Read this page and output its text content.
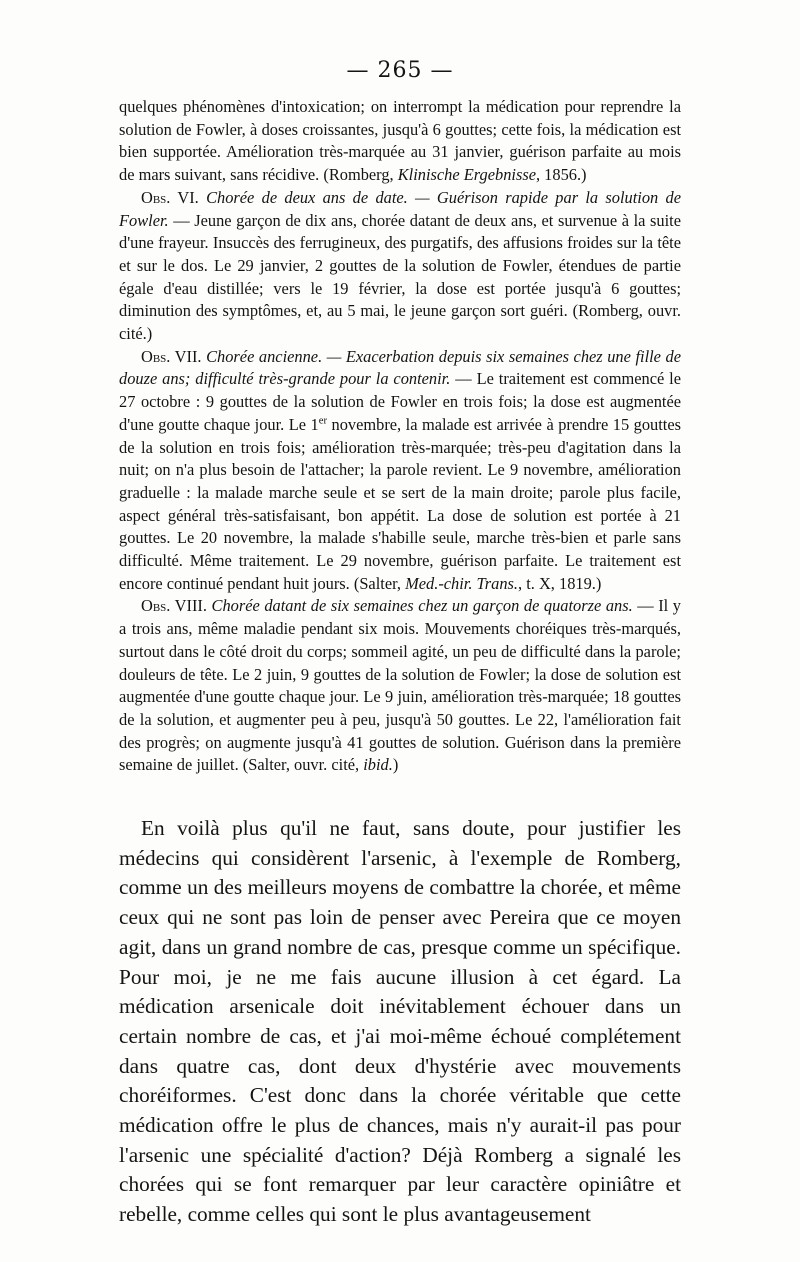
— 265 —

quelques phénomènes d'intoxication; on interrompt la médication pour reprendre la solution de Fowler, à doses croissantes, jusqu'à 6 gouttes; cette fois, la médication est bien supportée. Amélioration très-marquée au 31 janvier, guérison parfaite au mois de mars suivant, sans récidive. (Romberg, Klinische Ergebnisse, 1856.)

Obs. VI. Chorée de deux ans de date. — Guérison rapide par la solution de Fowler. — Jeune garçon de dix ans, chorée datant de deux ans, et survenue à la suite d'une frayeur. Insuccès des ferrugineux, des purgatifs, des affusions froides sur la tête et sur le dos. Le 29 janvier, 2 gouttes de la solution de Fowler, étendues de partie égale d'eau distillée; vers le 19 février, la dose est portée jusqu'à 6 gouttes; diminution des symptômes, et, au 5 mai, le jeune garçon sort guéri. (Romberg, ouvr. cité.)

Obs. VII. Chorée ancienne. — Exacerbation depuis six semaines chez une fille de douze ans; difficulté très-grande pour la contenir. — Le traitement est commencé le 27 octobre : 9 gouttes de la solution de Fowler en trois fois; la dose est augmentée d'une goutte chaque jour. Le 1er novembre, la malade est arrivée à prendre 15 gouttes de la solution en trois fois; amélioration très-marquée; très-peu d'agitation dans la nuit; on n'a plus besoin de l'attacher; la parole revient. Le 9 novembre, amélioration graduelle : la malade marche seule et se sert de la main droite; parole plus facile, aspect général très-satisfaisant, bon appétit. La dose de solution est portée à 21 gouttes. Le 20 novembre, la malade s'habille seule, marche très-bien et parle sans difficulté. Même traitement. Le 29 novembre, guérison parfaite. Le traitement est encore continué pendant huit jours. (Salter, Med.-chir. Trans., t. X, 1819.)

Obs. VIII. Chorée datant de six semaines chez un garçon de quatorze ans. — Il y a trois ans, même maladie pendant six mois. Mouvements choréiques très-marqués, surtout dans le côté droit du corps; sommeil agité, un peu de difficulté dans la parole; douleurs de tête. Le 2 juin, 9 gouttes de la solution de Fowler; la dose de solution est augmentée d'une goutte chaque jour. Le 9 juin, amélioration très-marquée; 18 gouttes de la solution, et augmenter peu à peu, jusqu'à 50 gouttes. Le 22, l'amélioration fait des progrès; on augmente jusqu'à 41 gouttes de solution. Guérison dans la première semaine de juillet. (Salter, ouvr. cité, ibid.)

En voilà plus qu'il ne faut, sans doute, pour justifier les médecins qui considèrent l'arsenic, à l'exemple de Romberg, comme un des meilleurs moyens de combattre la chorée, et même ceux qui ne sont pas loin de penser avec Pereira que ce moyen agit, dans un grand nombre de cas, presque comme un spécifique. Pour moi, je ne me fais aucune illusion à cet égard. La médication arsenicale doit inévitablement échouer dans un certain nombre de cas, et j'ai moi-même échoué complétement dans quatre cas, dont deux d'hystérie avec mouvements choréiformes. C'est donc dans la chorée véritable que cette médication offre le plus de chances, mais n'y aurait-il pas pour l'arsenic une spécialité d'action? Déjà Romberg a signalé les chorées qui se font remarquer par leur caractère opiniâtre et rebelle, comme celles qui sont le plus avantageusement
